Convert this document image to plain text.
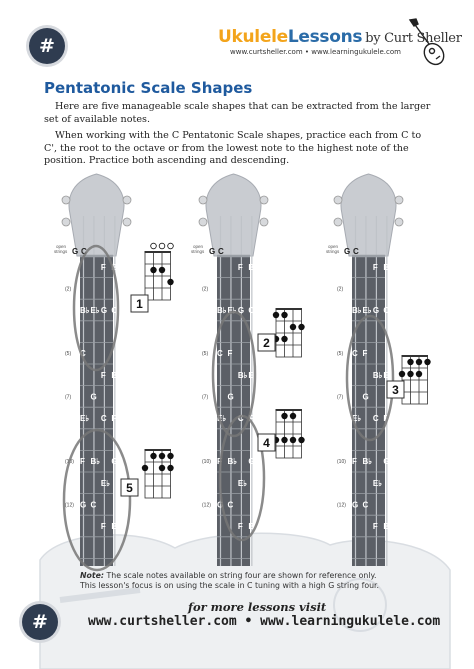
#	UkuleleLessons by Curt Sheller
www.curtsheller.com • www.learningukulele.com
Pentatonic Scale Shapes

Here are five manageable scale shapes that can be extracted from the larger set of available notes.

When working with the C Pentatonic Scale shapes, practice each from C to C', the root to the octave or from the lowest note to the highest note of the position. Practice both ascending and descending.

open
strings
(2)
(5)
(7)
(10)
(12)
G C
F B♭
B♭ E♭ G C
C
F B♭
G
E♭ C F
F B♭ G
E♭
G C
F B♭
open
strings
(2)
(5)
(7)
(10)
(12)
G C
F B♭
B♭ E♭ G C
C F
B♭ E♭
G
E♭ C F
F B♭ G
E♭
G C
F B♭
open
strings
(2)
(5)
(7)
(10)
(12)
G C
F B♭
B♭ E♭ G C
C F
B♭ E♭
G
E♭ C F
F B♭ G
E♭
G C
F B♭
1
2
3
4
5
Note: The scale notes available on string four are shown for reference only. This lesson's focus is on using the scale in C tuning with a high G string four.
for more lessons visit
www.curtsheller.com • www.learningukulele.com
#
